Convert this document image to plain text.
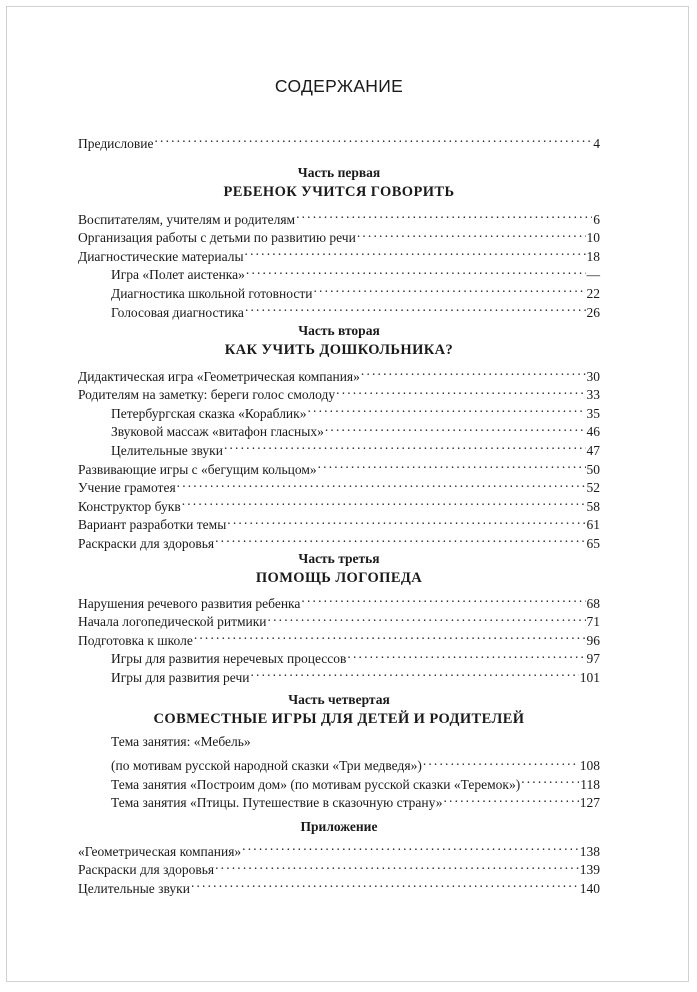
СОДЕРЖАНИЕ
Предисловие . . .	4
Часть первая
РЕБЕНОК УЧИТСЯ ГОВОРИТЬ
Воспитателям, учителям и родителям . . .	6
Организация работы с детьми по развитию речи . . .	10
Диагностические материалы . . .	18
Игра «Полет аистенка» . . .	—
Диагностика школьной готовности . . .	22
Голосовая диагностика . . .	26
Часть вторая
КАК УЧИТЬ ДОШКОЛЬНИКА?
Дидактическая игра «Геометрическая компания» . . .	30
Родителям на заметку: береги голос смолоду . . .	33
Петербургская сказка «Кораблик» . . .	35
Звуковой массаж «витафон гласных» . . .	46
Целительные звуки . . .	47
Развивающие игры с «бегущим кольцом» . . .	50
Учение грамотея . . .	52
Конструктор букв . . .	58
Вариант разработки темы . . .	61
Раскраски для здоровья . . .	65
Часть третья
ПОМОЩЬ ЛОГОПЕДА
Нарушения речевого развития ребенка . . .	68
Начала логопедической ритмики . . .	71
Подготовка к школе . . .	96
Игры для развития неречевых процессов . . .	97
Игры для развития речи . . .	101
Часть четвертая
СОВМЕСТНЫЕ ИГРЫ ДЛЯ ДЕТЕЙ И РОДИТЕЛЕЙ
Тема занятия: «Мебель»
(по мотивам русской народной сказки «Три медведя») . . .	108
Тема занятия «Построим дом» (по мотивам русской сказки «Теремок») . . .	118
Тема занятия «Птицы. Путешествие в сказочную страну» . . .	127
Приложение
«Геометрическая компания» . . .	138
Раскраски для здоровья . . .	139
Целительные звуки . . .	140
